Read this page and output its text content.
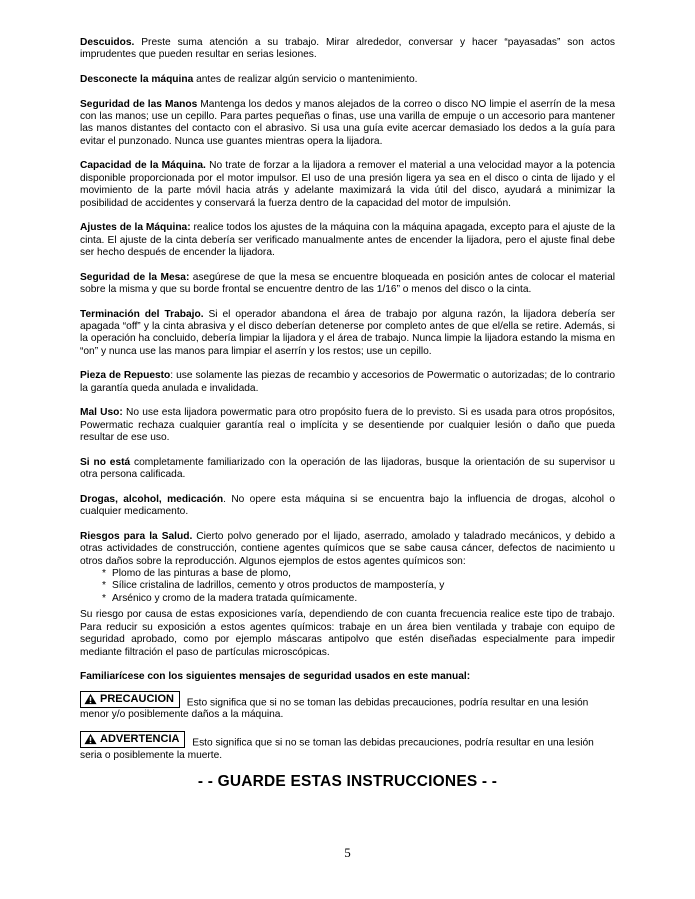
Descuidos. Preste suma atención a su trabajo. Mirar alrededor, conversar y hacer “payasadas” son actos imprudentes que pueden resultar en serias lesiones.
Desconecte la máquina antes de realizar algún servicio o mantenimiento.
Seguridad de las Manos Mantenga los dedos y manos alejados de la correo o disco NO limpie el aserrín de la mesa con las manos; use un cepillo. Para partes pequeñas o finas, use una varilla de empuje o un accesorio para mantener las manos distantes del contacto con el abrasivo. Si usa una guía evite acercar demasiado los dedos a la guía para evitar el punzonado. Nunca use guantes mientras opera la lijadora.
Capacidad de la Máquina. No trate de forzar a la lijadora a remover el material a una velocidad mayor a la potencia disponible proporcionada por el motor impulsor. El uso de una presión ligera ya sea en el disco o cinta de lijado y el movimiento de la parte móvil hacia atrás y adelante maximizará la vida útil del disco, ayudará a minimizar la posibilidad de accidentes y conservará la fuerza dentro de la capacidad del motor de impulsión.
Ajustes de la Máquina: realice todos los ajustes de la máquina con la máquina apagada, excepto para el ajuste de la cinta. El ajuste de la cinta debería ser verificado manualmente antes de encender la lijadora, pero el ajuste final debe ser hecho después de encender la lijadora.
Seguridad de la Mesa: asegúrese de que la mesa se encuentre bloqueada en posición antes de colocar el material sobre la misma y que su borde frontal se encuentre dentro de las 1/16” o menos del disco o la cinta.
Terminación del Trabajo. Si el operador abandona el área de trabajo por alguna razón, la lijadora debería ser apagada “off” y la cinta abrasiva y el disco deberían detenerse por completo antes de que el/ella se retire. Además, si la operación ha concluido, debería limpiar la lijadora y el área de trabajo. Nunca limpie la lijadora estando la misma en “on” y nunca use las manos para limpiar el aserrín y los restos; use un cepillo.
Pieza de Repuesto: use solamente las piezas de recambio y accesorios de Powermatic o autorizadas; de lo contrario la garantía queda anulada e invalidada.
Mal Uso: No use esta lijadora powermatic para otro propósito fuera de lo previsto. Si es usada para otros propósitos, Powermatic rechaza cualquier garantía real o implícita y se desentiende por cualquier lesión o daño que pueda resultar de ese uso.
Si no está completamente familiarizado con la operación de las lijadoras, busque la orientación de su supervisor u otra persona calificada.
Drogas, alcohol, medicación. No opere esta máquina si se encuentra bajo la influencia de drogas, alcohol o cualquier medicamento.
Riesgos para la Salud. Cierto polvo generado por el lijado, aserrado, amolado y taladrado mecánicos, y debido a otras actividades de construcción, contiene agentes químicos que se sabe causa cáncer, defectos de nacimiento u otros daños sobre la reproducción. Algunos ejemplos de estos agentes químicos son:
* Plomo de las pinturas a base de plomo,
* Sílice cristalina de ladrillos, cemento y otros productos de mampostería, y
* Arsénico y cromo de la madera tratada químicamente.
Su riesgo por causa de estas exposiciones varía, dependiendo de con cuanta frecuencia realice este tipo de trabajo. Para reducir su exposición a estos agentes químicos: trabaje en un área bien ventilada y trabaje con equipo de seguridad aprobado, como por ejemplo máscaras antipolvo que estén diseñadas especialmente para impedir mediante filtración el paso de partículas microscópicas.
Familiarícese con los siguientes mensajes de seguridad usados en este manual:
PRECAUCION Esto significa que si no se toman las debidas precauciones, podría resultar en una lesión menor y/o posiblemente daños a la máquina.
ADVERTENCIA Esto significa que si no se toman las debidas precauciones, podría resultar en una lesión seria o posiblemente la muerte.
- - GUARDE ESTAS INSTRUCCIONES - -
5
